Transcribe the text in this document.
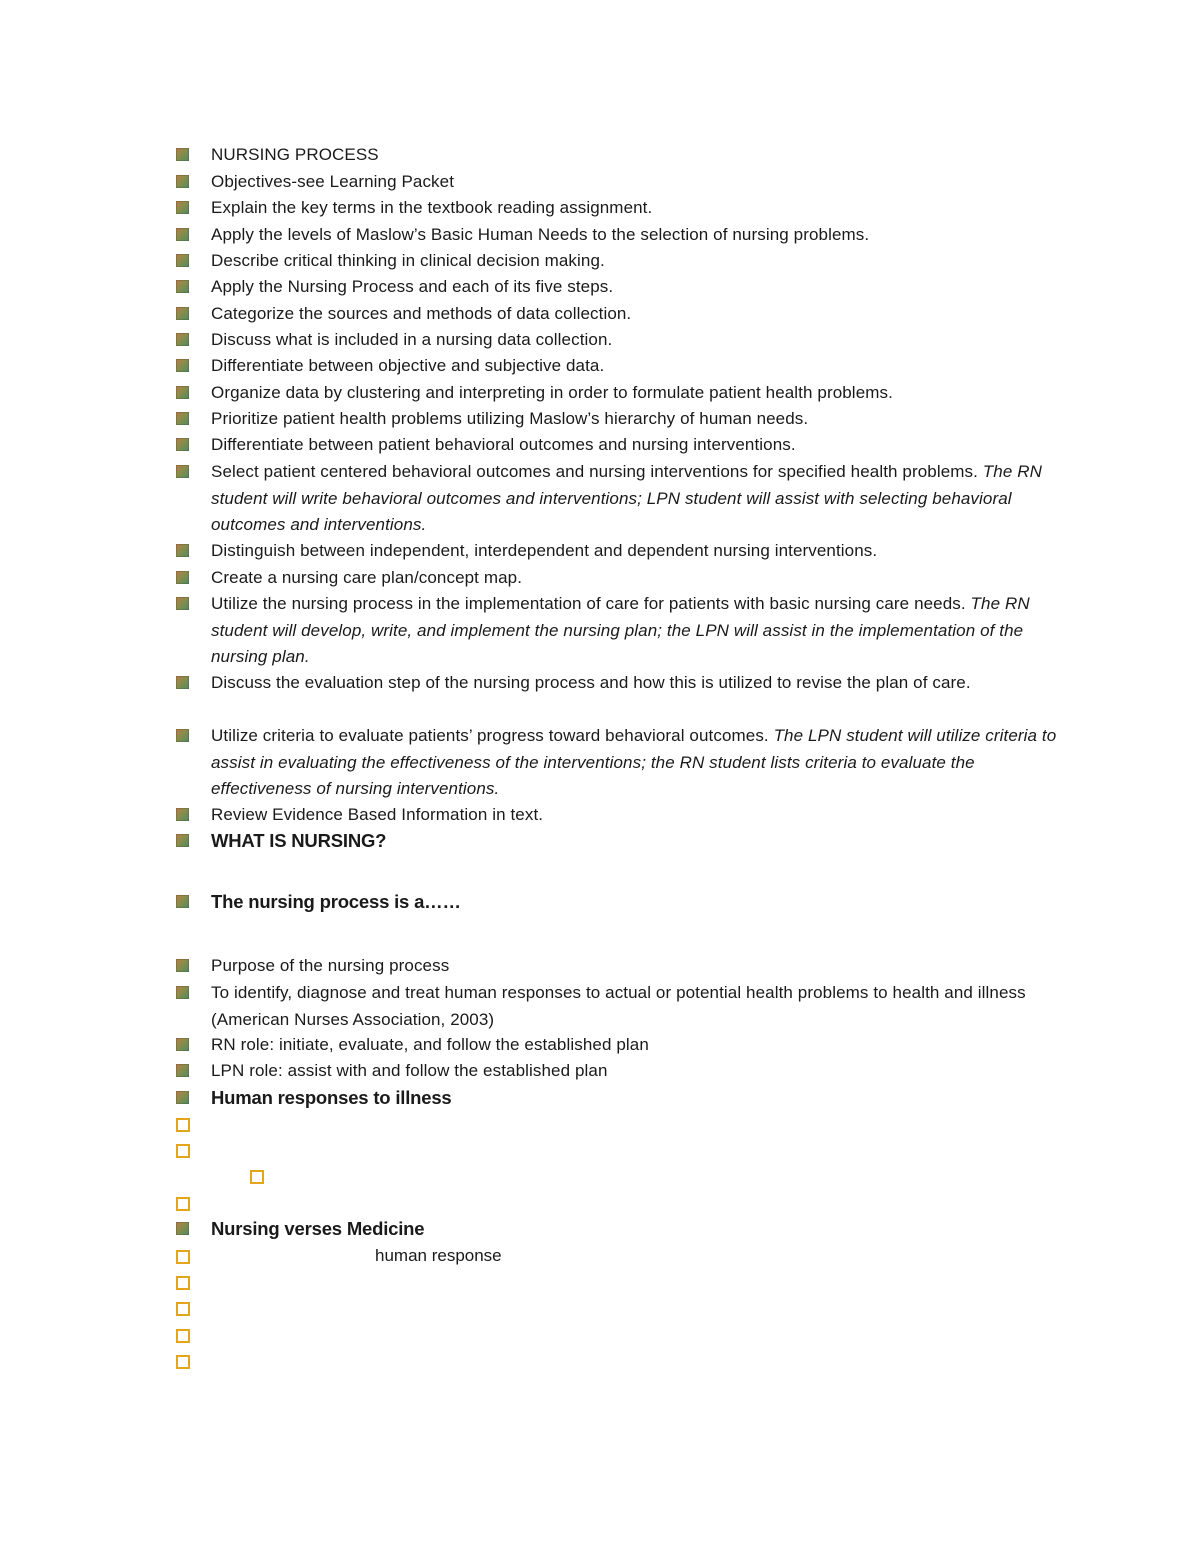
NURSING PROCESS
Objectives-see Learning Packet
Explain the key terms in the textbook reading assignment.
Apply the levels of Maslow’s Basic Human Needs to the selection of nursing problems.
Describe critical thinking in clinical decision making.
Apply the Nursing Process and each of its five steps.
Categorize the sources and methods of data collection.
Discuss what is included in a nursing data collection.
Differentiate between objective and subjective data.
Organize data by clustering and interpreting in order to formulate patient health problems.
Prioritize patient health problems utilizing Maslow’s hierarchy of human needs.
Differentiate between patient behavioral outcomes and nursing interventions.
Select patient centered behavioral outcomes and nursing interventions for specified health problems. The RN student will write behavioral outcomes and interventions; LPN student will assist with selecting behavioral outcomes and interventions.
Distinguish between independent, interdependent and dependent nursing interventions.
Create a nursing care plan/concept map.
Utilize the nursing process in the implementation of care for patients with basic nursing care needs. The RN student will develop, write, and implement the nursing plan; the LPN will assist in the implementation of the nursing plan.
Discuss the evaluation step of the nursing process and how this is utilized to revise the plan of care.
Utilize criteria to evaluate patients’ progress toward behavioral outcomes. The LPN student will utilize criteria to assist in evaluating the effectiveness of the interventions; the RN student lists criteria to evaluate the effectiveness of nursing interventions.
Review Evidence Based Information in text.
WHAT IS NURSING?
The nursing process is a……
Purpose of the nursing process
To identify, diagnose and treat human responses to actual or potential health problems to health and illness (American Nurses Association, 2003)
RN role: initiate, evaluate, and follow the established plan
LPN role: assist with and follow the established plan
Human responses to illness
Nursing verses Medicine
human response
